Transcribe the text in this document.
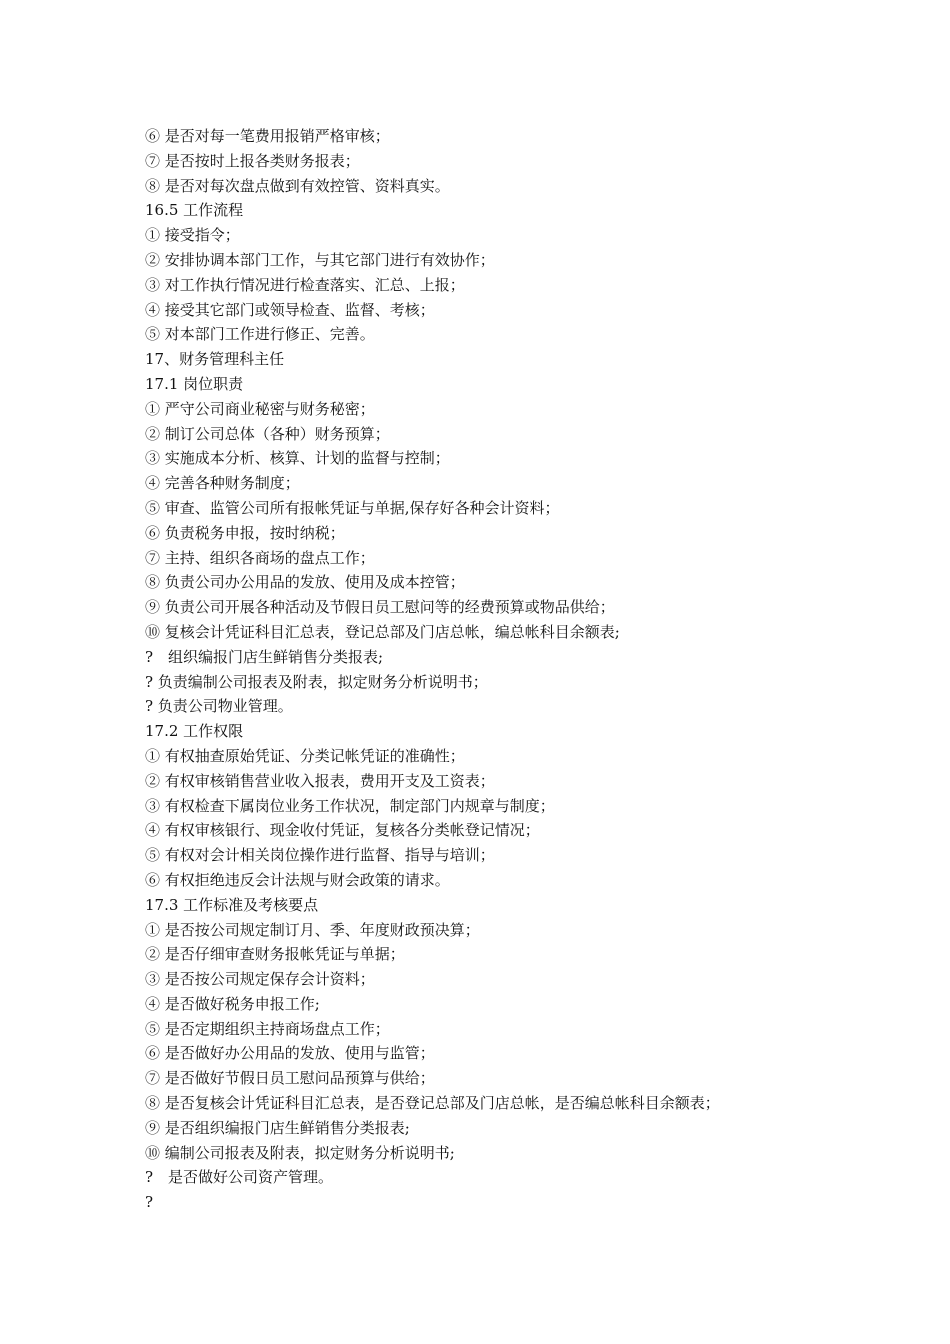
⑥ 是否对每一笔费用报销严格审核；
⑦ 是否按时上报各类财务报表；
⑧ 是否对每次盘点做到有效控管、资料真实。
16.5 工作流程
① 接受指令；
② 安排协调本部门工作，与其它部门进行有效协作；
③ 对工作执行情况进行检查落实、汇总、上报；
④ 接受其它部门或领导检查、监督、考核；
⑤ 对本部门工作进行修正、完善。
17、财务管理科主任
17.1 岗位职责
① 严守公司商业秘密与财务秘密；
② 制订公司总体（各种）财务预算；
③ 实施成本分析、核算、计划的监督与控制；
④ 完善各种财务制度；
⑤ 审查、监管公司所有报帐凭证与单据,保存好各种会计资料；
⑥ 负责税务申报，按时纳税；
⑦ 主持、组织各商场的盘点工作；
⑧ 负责公司办公用品的发放、使用及成本控管；
⑨ 负责公司开展各种活动及节假日员工慰问等的经费预算或物品供给；
⑩ 复核会计凭证科目汇总表，登记总部及门店总帐，编总帐科目余额表;
?　组织编报门店生鲜销售分类报表;
? 负责编制公司报表及附表，拟定财务分析说明书；
? 负责公司物业管理。
17.2 工作权限
① 有权抽查原始凭证、分类记帐凭证的准确性；
② 有权审核销售营业收入报表，费用开支及工资表；
③ 有权检查下属岗位业务工作状况，制定部门内规章与制度；
④ 有权审核银行、现金收付凭证，复核各分类帐登记情况；
⑤ 有权对会计相关岗位操作进行监督、指导与培训；
⑥ 有权拒绝违反会计法规与财会政策的请求。
17.3 工作标准及考核要点
① 是否按公司规定制订月、季、年度财政预决算；
② 是否仔细审查财务报帐凭证与单据；
③ 是否按公司规定保存会计资料；
④ 是否做好税务申报工作;
⑤ 是否定期组织主持商场盘点工作；
⑥ 是否做好办公用品的发放、使用与监管；
⑦ 是否做好节假日员工慰问品预算与供给；
⑧ 是否复核会计凭证科目汇总表，是否登记总部及门店总帐，是否编总帐科目余额表；
⑨ 是否组织编报门店生鲜销售分类报表;
⑩ 编制公司报表及附表，拟定财务分析说明书;
?　是否做好公司资产管理。
?
